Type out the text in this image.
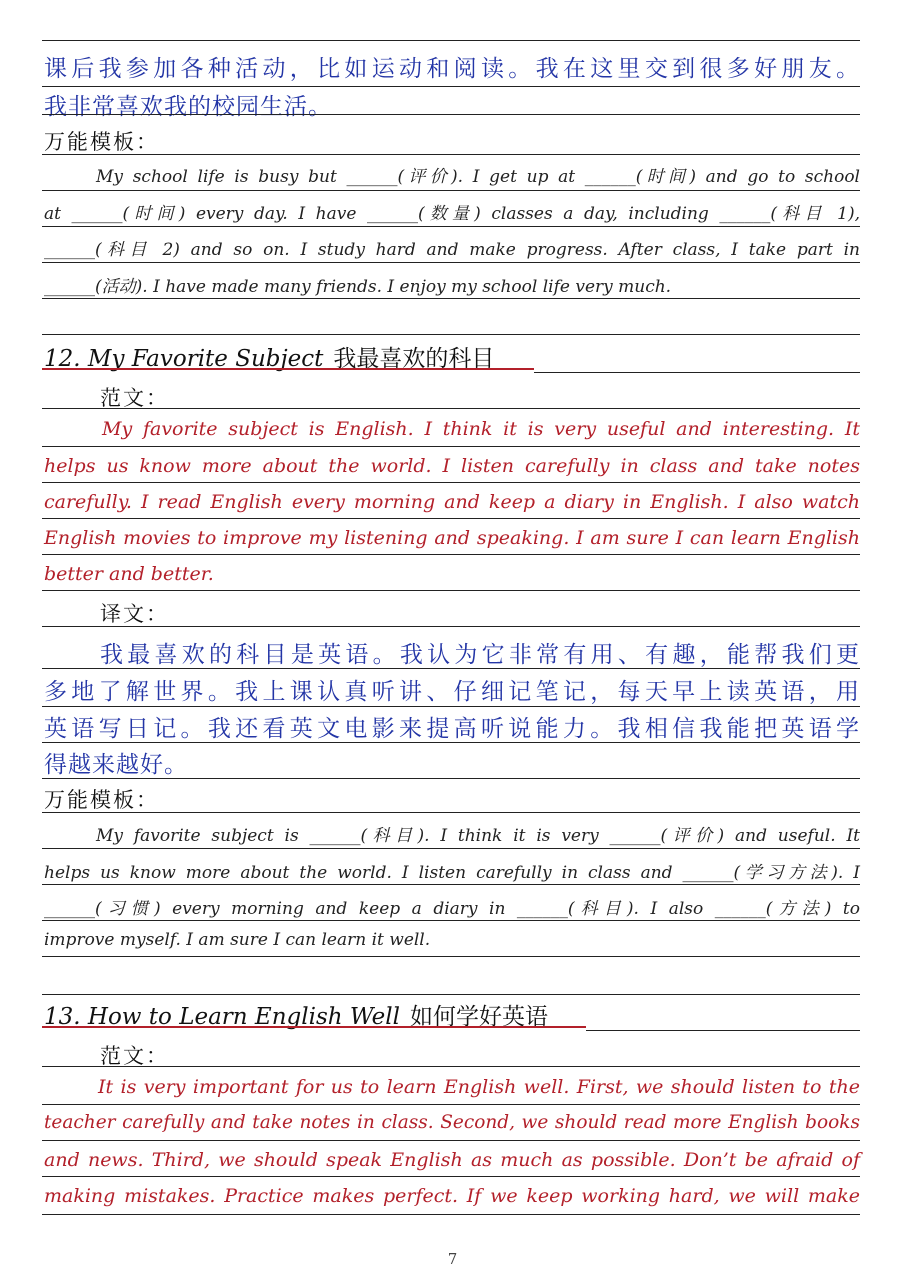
课后我参加各种活动，比如运动和阅读。我在这里交到很多好朋友。
我非常喜欢我的校园生活。
万能模板：
My school life is busy but ______(评价). I get up at ______(时间) and go to school
at ______(时间) every day. I have ______(数量) classes a day, including ______(科目 1),
______(科目 2) and so on. I study hard and make progress. After class, I take part in
______(活动). I have made many friends. I enjoy my school life very much.
12. My Favorite Subject 我最喜欢的科目
范文：
My favorite subject is English. I think it is very useful and interesting. It
helps us know more about the world. I listen carefully in class and take notes
carefully. I read English every morning and keep a diary in English. I also watch
English movies to improve my listening and speaking. I am sure I can learn English
better and better.
译文：
我最喜欢的科目是英语。我认为它非常有用、有趣，能帮我们更
多地了解世界。我上课认真听讲、仔细记笔记，每天早上读英语，用
英语写日记。我还看英文电影来提高听说能力。我相信我能把英语学
得越来越好。
万能模板：
My favorite subject is ______(科目). I think it is very ______(评价) and useful. It
helps us know more about the world. I listen carefully in class and ______(学习方法). I
______(习惯) every morning and keep a diary in ______(科目). I also ______(方法) to
improve myself. I am sure I can learn it well.
13. How to Learn English Well 如何学好英语
范文：
It is very important for us to learn English well. First, we should listen to the
teacher carefully and take notes in class. Second, we should read more English books
and news. Third, we should speak English as much as possible. Don’t be afraid of
making mistakes. Practice makes perfect. If we keep working hard, we will make
7
